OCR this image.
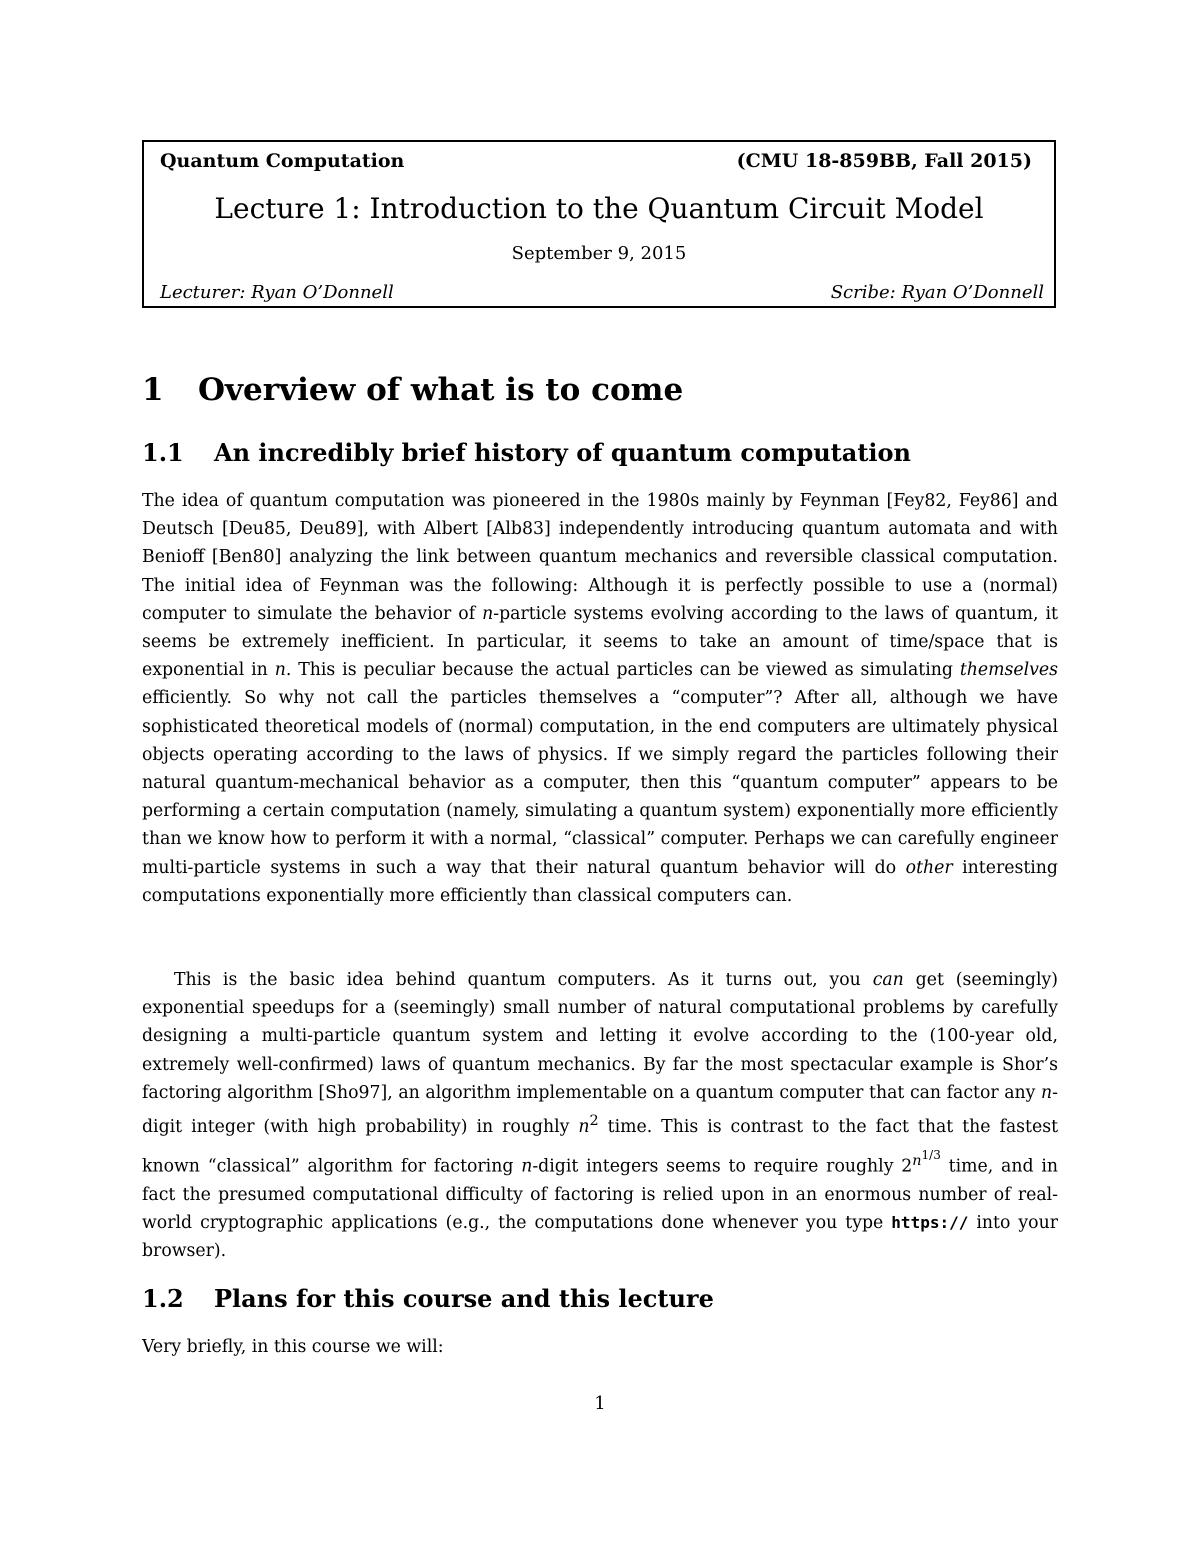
Quantum Computation	(CMU 18-859BB, Fall 2015)
Lecture 1: Introduction to the Quantum Circuit Model
September 9, 2015
Lecturer: Ryan O’Donnell	Scribe: Ryan O’Donnell
1 Overview of what is to come
1.1 An incredibly brief history of quantum computation
The idea of quantum computation was pioneered in the 1980s mainly by Feynman [Fey82, Fey86] and Deutsch [Deu85, Deu89], with Albert [Alb83] independently introducing quantum automata and with Benioff [Ben80] analyzing the link between quantum mechanics and reversible classical computation. The initial idea of Feynman was the following: Although it is perfectly possible to use a (normal) computer to simulate the behavior of n-particle systems evolving according to the laws of quantum, it seems be extremely inefficient. In particular, it seems to take an amount of time/space that is exponential in n. This is peculiar because the actual particles can be viewed as simulating themselves efficiently. So why not call the particles themselves a “computer”? After all, although we have sophisticated theoretical models of (normal) computation, in the end computers are ultimately physical objects operating according to the laws of physics. If we simply regard the particles following their natural quantum-mechanical behavior as a computer, then this “quantum computer” appears to be performing a certain computation (namely, simulating a quantum system) exponentially more efficiently than we know how to perform it with a normal, “classical” computer. Perhaps we can carefully engineer multi-particle systems in such a way that their natural quantum behavior will do other interesting computations exponentially more efficiently than classical computers can.
This is the basic idea behind quantum computers. As it turns out, you can get (seemingly) exponential speedups for a (seemingly) small number of natural computational problems by carefully designing a multi-particle quantum system and letting it evolve according to the (100-year old, extremely well-confirmed) laws of quantum mechanics. By far the most spectacular example is Shor’s factoring algorithm [Sho97], an algorithm implementable on a quantum computer that can factor any n-digit integer (with high probability) in roughly $n^2$ time. This is contrast to the fact that the fastest known “classical” algorithm for factoring n-digit integers seems to require roughly $2^{n^{1/3}}$ time, and in fact the presumed computational difficulty of factoring is relied upon in an enormous number of real-world cryptographic applications (e.g., the computations done whenever you type https:// into your browser).
1.2 Plans for this course and this lecture
Very briefly, in this course we will:
1
